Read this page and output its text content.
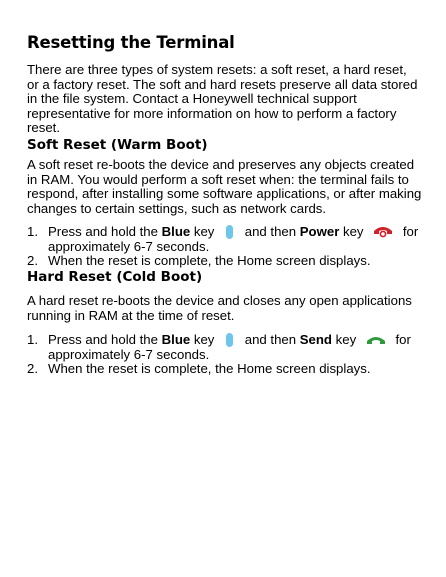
Resetting the Terminal

There are three types of system resets: a soft reset, a hard reset, or a factory reset. The soft and hard resets preserve all data stored in the file system. Contact a Honeywell technical support representative for more information on how to perform a factory reset.

Soft Reset (Warm Boot)

A soft reset re-boots the device and preserves any objects created in RAM. You would perform a soft reset when: the terminal fails to respond, after installing some software applications, or after making changes to certain settings, such as network cards.

1. Press and hold the Blue key  and then Power key
for approximately 6-7 seconds.
2. When the reset is complete, the Home screen displays.
Hard Reset (Cold Boot)

A hard reset re-boots the device and closes any open applications running in RAM at the time of reset.

1. Press and hold the Blue key  and then Send key
for approximately 6-7 seconds.
2. When the reset is complete, the Home screen displays.
